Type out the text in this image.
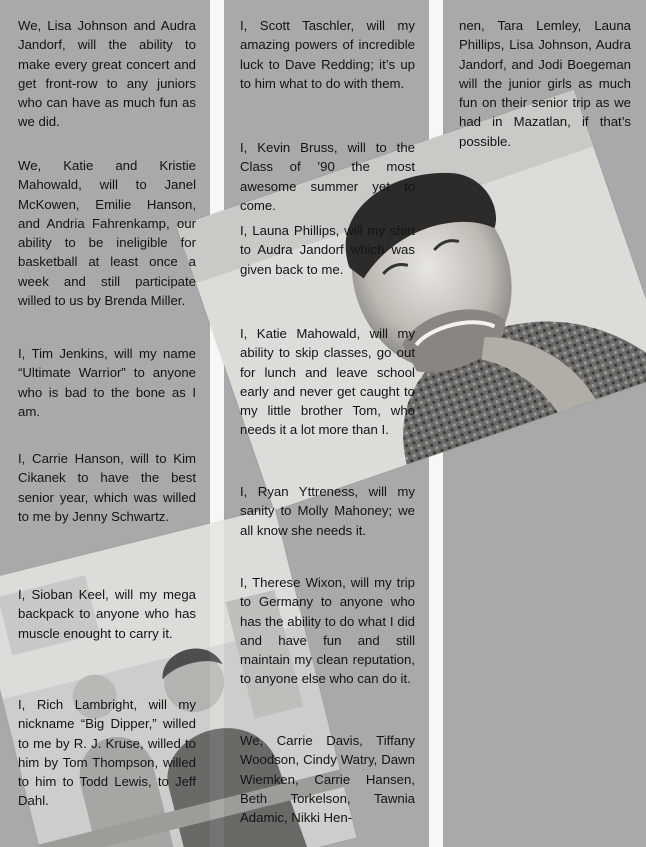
We, Lisa Johnson and Audra Jandorf, will the ability to make every great concert and get front-row to any juniors who can have as much fun as we did.

We, Katie and Kristie Mahowald, will to Janel McKowen, Emilie Hanson, and Andria Fahrenkamp, our ability to be ineligible for basketball at least once a week and still participate willed to us by Brenda Miller.

I, Tim Jenkins, will my name “Ultimate Warrior” to anyone who is bad to the bone as I am.

I, Carrie Hanson, will to Kim Cikanek to have the best senior year, which was willed to me by Jenny Schwartz.

I, Sioban Keel, will my mega backpack to anyone who has muscle enought to carry it.

I, Rich Lambright, will my nickname “Big Dipper,” willed to me by R. J. Kruse, willed to him by Tom Thompson, willed to him to Todd Lewis, to Jeff Dahl.

I, Scott Taschler, will my amazing powers of incredible luck to Dave Redding; it’s up to him what to do with them.

I, Kevin Bruss, will to the Class of ’90 the most awesome summer yet to come.

I, Launa Phillips, will my shirt to Audra Jandorf which was given back to me.

I, Katie Mahowald, will my ability to skip classes, go out for lunch and leave school early and never get caught to my little brother Tom, who needs it a lot more than I.

I, Ryan Yttreness, will my sanity to Molly Mahoney; we all know she needs it.

I, Therese Wixon, will my trip to Germany to anyone who has the ability to do what I did and have fun and still maintain my clean reputation, to anyone else who can do it.

We, Carrie Davis, Tiffany Woodson, Cindy Watry, Dawn Wiemken, Carrie Hansen, Beth Torkelson, Tawnia Adamic, Nikki Hen-

nen, Tara Lemley, Launa Phillips, Lisa Johnson, Audra Jandorf, and Jodi Boegeman will the junior girls as much fun on their senior trip as we had in Mazatlan, if that’s possible.
